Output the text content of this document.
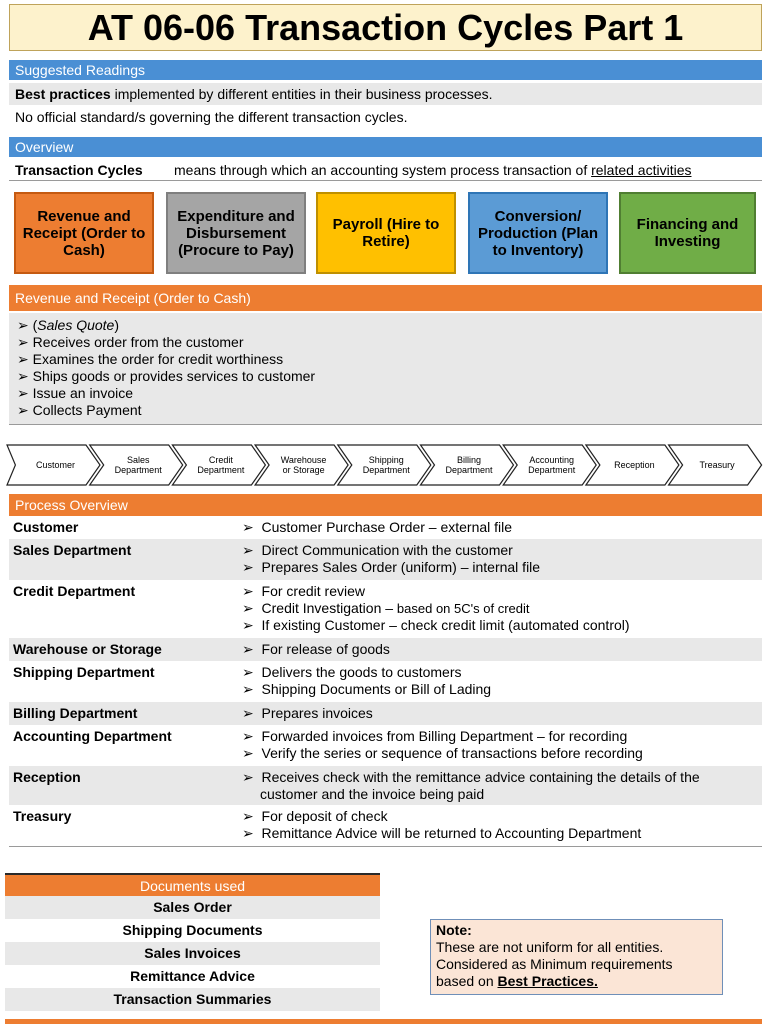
AT 06-06 Transaction Cycles Part 1
Suggested Readings
Best practices implemented by different entities in their business processes.
No official standard/s governing the different transaction cycles.
Overview
Transaction Cycles means through which an accounting system process transaction of related activities
Revenue and Receipt (Order to Cash)
Expenditure and Disbursement (Procure to Pay)
Payroll (Hire to Retire)
Conversion/ Production (Plan to Inventory)
Financing and Investing
Revenue and Receipt (Order to Cash)
➢ (Sales Quote)
➢ Receives order from the customer
➢ Examines the order for credit worthiness
➢ Ships goods or provides services to customer
➢ Issue an invoice
➢ Collects Payment
Customer	Sales Department
Credit Department
Warehouse or Storage
Shipping Department
Billing Department
Accounting Department	Reception	Treasury
Process Overview
Customer	➢  Customer Purchase Order – external file
Sales Department	➢  Direct Communication with the customer
➢  Prepares Sales Order (uniform) – internal file
Credit Department	➢  For credit review
➢  Credit Investigation – based on 5C's of credit
➢  If existing Customer – check credit limit (automated control)
Warehouse or Storage	➢  For release of goods
Shipping Department	➢  Delivers the goods to customers
➢  Shipping Documents or Bill of Lading
Billing Department	➢  Prepares invoices
Accounting Department	➢  Forwarded invoices from Billing Department – for recording
➢  Verify the series or sequence of transactions before recording
Reception	➢  Receives check with the remittance advice containing the details of the customer and the invoice being paid
Treasury	➢  For deposit of check
➢  Remittance Advice will be returned to Accounting Department
Documents used
Sales Order
Shipping Documents
Sales Invoices
Remittance Advice
Transaction Summaries
Note:
These are not uniform for all entities.
Considered as Minimum requirements
based on Best Practices.
